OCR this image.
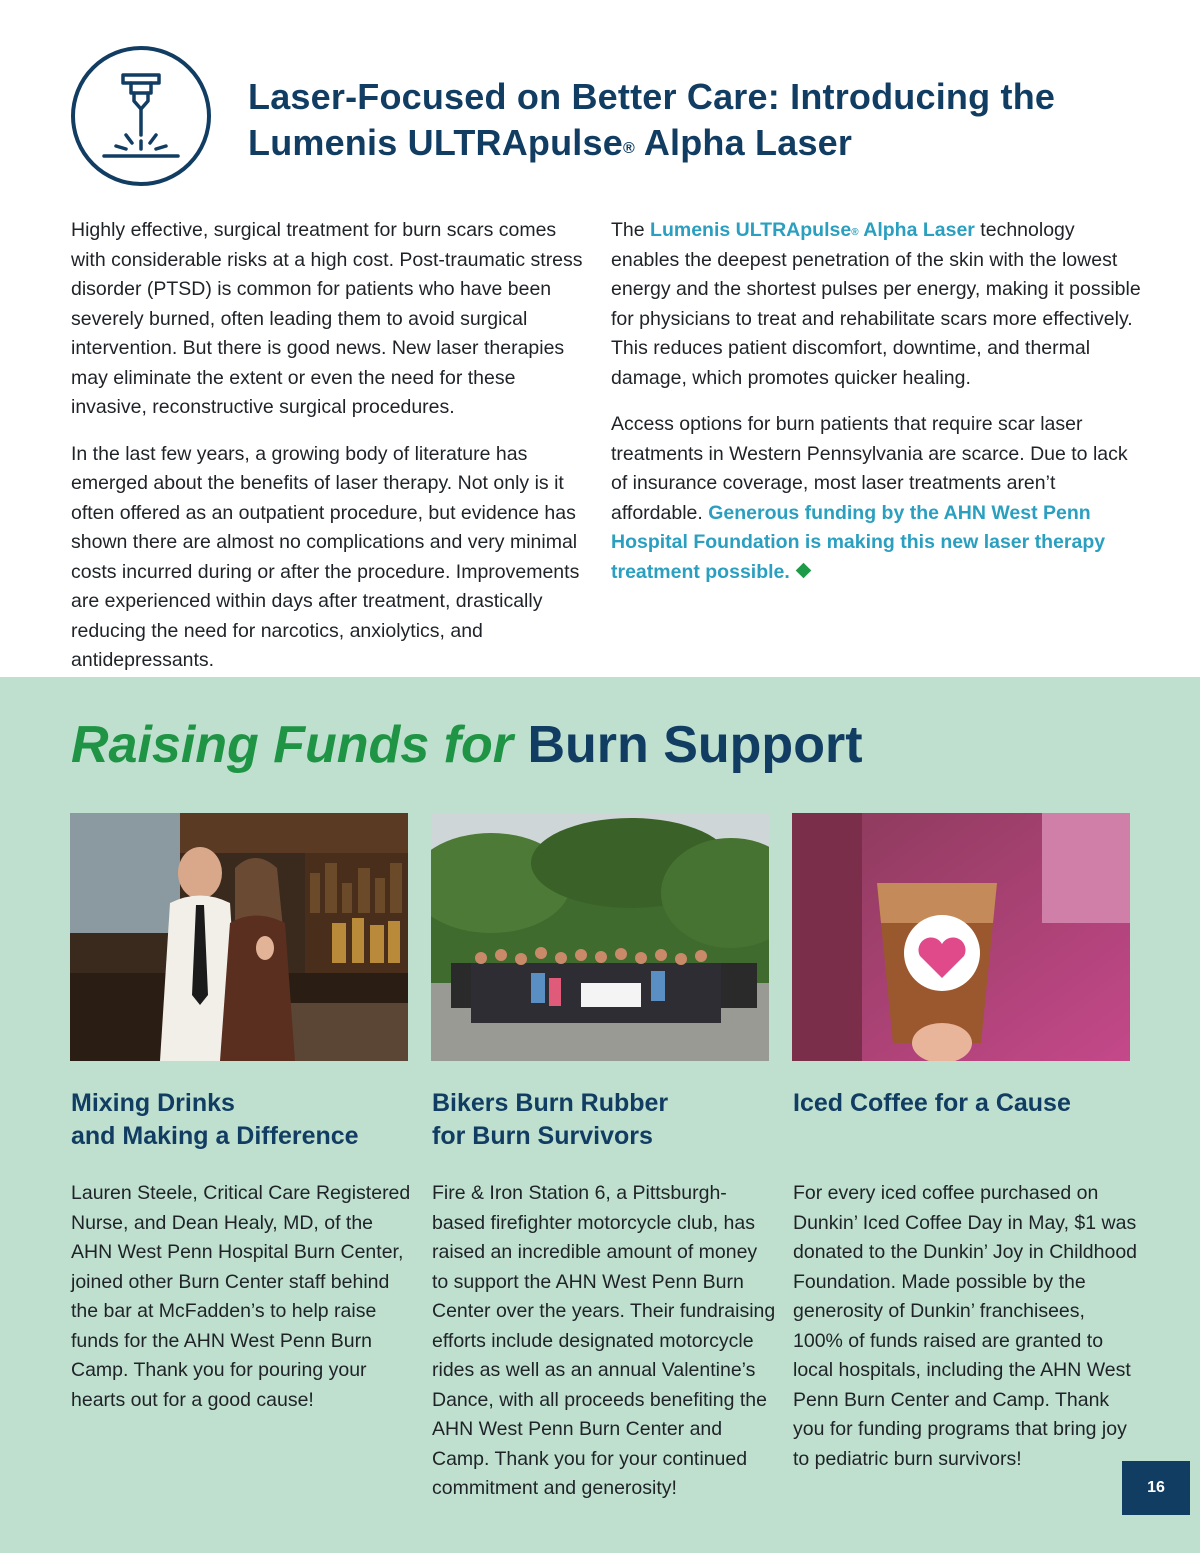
Laser-Focused on Better Care: Introducing the
Lumenis ULTRApulse® Alpha Laser

Highly effective, surgical treatment for burn scars comes with considerable risks at a high cost. Post-traumatic stress disorder (PTSD) is common for patients who have been severely burned, often leading them to avoid surgical intervention. But there is good news. New laser therapies may eliminate the extent or even the need for these invasive, reconstructive surgical procedures.

In the last few years, a growing body of literature has emerged about the benefits of laser therapy. Not only is it often offered as an outpatient procedure, but evidence has shown there are almost no complications and very minimal costs incurred during or after the procedure. Improvements are experienced within days after treatment, drastically reducing the need for narcotics, anxiolytics, and antidepressants.

The Lumenis ULTRApulse® Alpha Laser technology enables the deepest penetration of the skin with the lowest energy and the shortest pulses per energy, making it possible for physicians to treat and rehabilitate scars more effectively. This reduces patient discomfort, downtime, and thermal damage, which promotes quicker healing.

Access options for burn patients that require scar laser treatments in Western Pennsylvania are scarce. Due to lack of insurance coverage, most laser treatments aren’t affordable. Generous funding by the AHN West Penn Hospital Foundation is making this new laser therapy treatment possible.

Raising Funds for Burn Support
Mixing Drinks
and Making a Difference
Bikers Burn Rubber
for Burn Survivors
Iced Coffee for a Cause

Lauren Steele, Critical Care Registered Nurse, and Dean Healy, MD, of the AHN West Penn Hospital Burn Center, joined other Burn Center staff behind the bar at McFadden’s to help raise funds for the AHN West Penn Burn Camp. Thank you for pouring your hearts out for a good cause!

Fire & Iron Station 6, a Pittsburgh-based firefighter motorcycle club, has raised an incredible amount of money to support the AHN West Penn Burn Center over the years. Their fundraising efforts include designated motorcycle rides as well as an annual Valentine’s Dance, with all proceeds benefiting the AHN West Penn Burn Center and Camp. Thank you for your continued commitment and generosity!

For every iced coffee purchased on Dunkin’ Iced Coffee Day in May, $1 was donated to the Dunkin’ Joy in Childhood Foundation. Made possible by the generosity of Dunkin’ franchisees, 100% of funds raised are granted to local hospitals, including the AHN West Penn Burn Center and Camp. Thank you for funding programs that bring joy to pediatric burn survivors!

16
